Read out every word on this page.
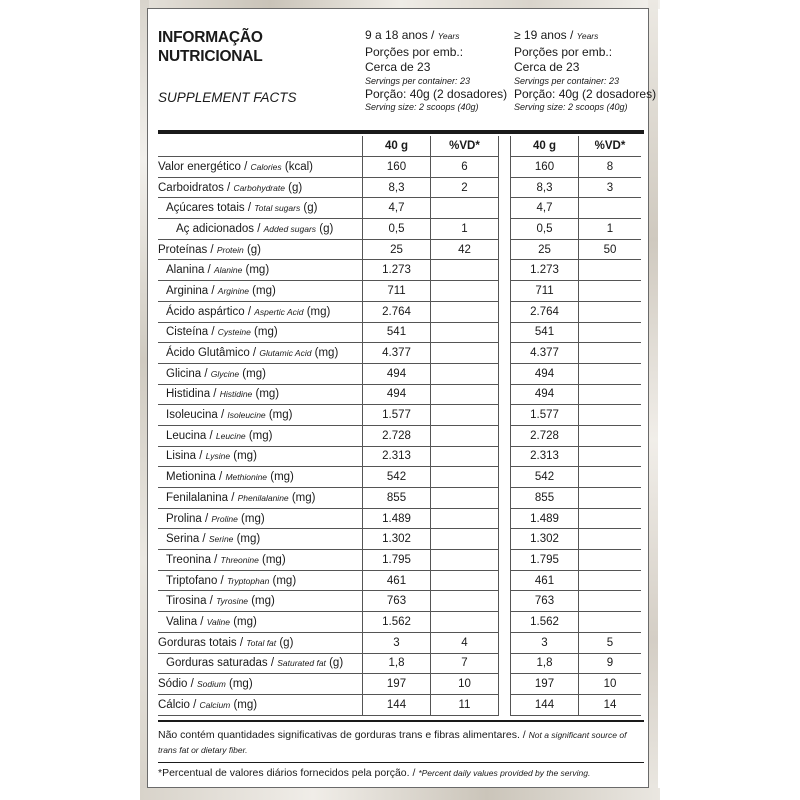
INFORMAÇÃO
NUTRICIONAL
SUPPLEMENT FACTS
9 a 18 anos / Years
Porções por emb.:
Cerca de 23
Servings per container: 23
Porção: 40g (2 dosadores)
Serving size: 2 scoops (40g)
≥ 19 anos / Years
Porções por emb.:
Cerca de 23
Servings per container: 23
Porção: 40g (2 dosadores)
Serving size: 2 scoops (40g)
	40 g	%VD*		40 g	%VD*
Valor energético / Calories (kcal)	160	6		160	8
Carboidratos / Carbohydrate (g)	8,3	2		8,3	3
Açúcares totais / Total sugars (g)	4,7			4,7	
Aç adicionados / Added sugars (g)	0,5	1		0,5	1
Proteínas / Protein (g)	25	42		25	50
Alanina / Alanine (mg)	1.273			1.273	
Arginina / Arginine (mg)	711			711	
Ácido aspártico / Aspertic Acid (mg)	2.764			2.764	
Cisteína / Cysteine (mg)	541			541	
Ácido Glutâmico / Glutamic Acid (mg)	4.377			4.377	
Glicina / Glycine (mg)	494			494	
Histidina / Histidine (mg)	494			494	
Isoleucina / Isoleucine (mg)	1.577			1.577	
Leucina / Leucine (mg)	2.728			2.728	
Lisina / Lysine (mg)	2.313			2.313	
Metionina / Methionine (mg)	542			542	
Fenilalanina / Phenilalanine (mg)	855			855	
Prolina / Proline (mg)	1.489			1.489	
Serina / Serine (mg)	1.302			1.302	
Treonina / Threonine (mg)	1.795			1.795	
Triptofano / Tryptophan (mg)	461			461	
Tirosina / Tyrosine (mg)	763			763	
Valina / Valine (mg)	1.562			1.562	
Gorduras totais / Total fat (g)	3	4		3	5
Gorduras saturadas / Saturated fat (g)	1,8	7		1,8	9
Sódio / Sodium (mg)	197	10		197	10
Cálcio / Calcium (mg)	144	11		144	14
Não contém quantidades significativas de gorduras trans e fibras alimentares. / Not a significant source of trans fat or dietary fiber.
*Percentual de valores diários fornecidos pela porção. / *Percent daily values provided by the serving.
